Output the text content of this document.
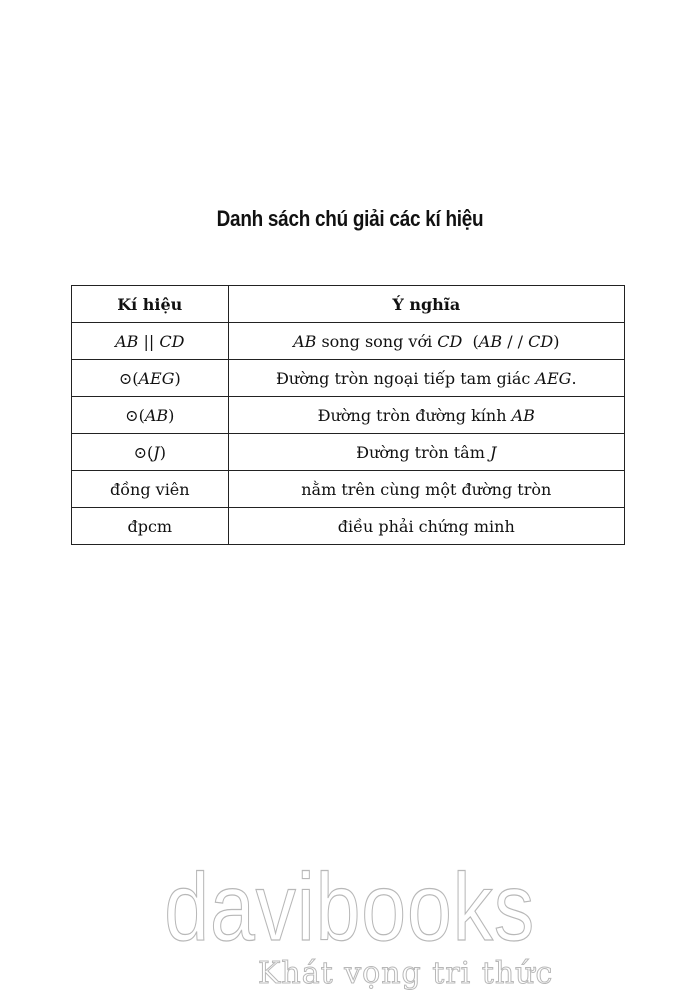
Danh sách chú giải các kí hiệu
Kí hiệu	Ý nghĩa
AB || CD	AB song song với CD  (AB / / CD)
⊙(AEG)	Đường tròn ngoại tiếp tam giác AEG.
⊙(AB)	Đường tròn đường kính AB
⊙(J)	Đường tròn tâm J
đồng viên	nằm trên cùng một đường tròn
đpcm	điều phải chứng minh
davibooks
Khát vọng tri thức
